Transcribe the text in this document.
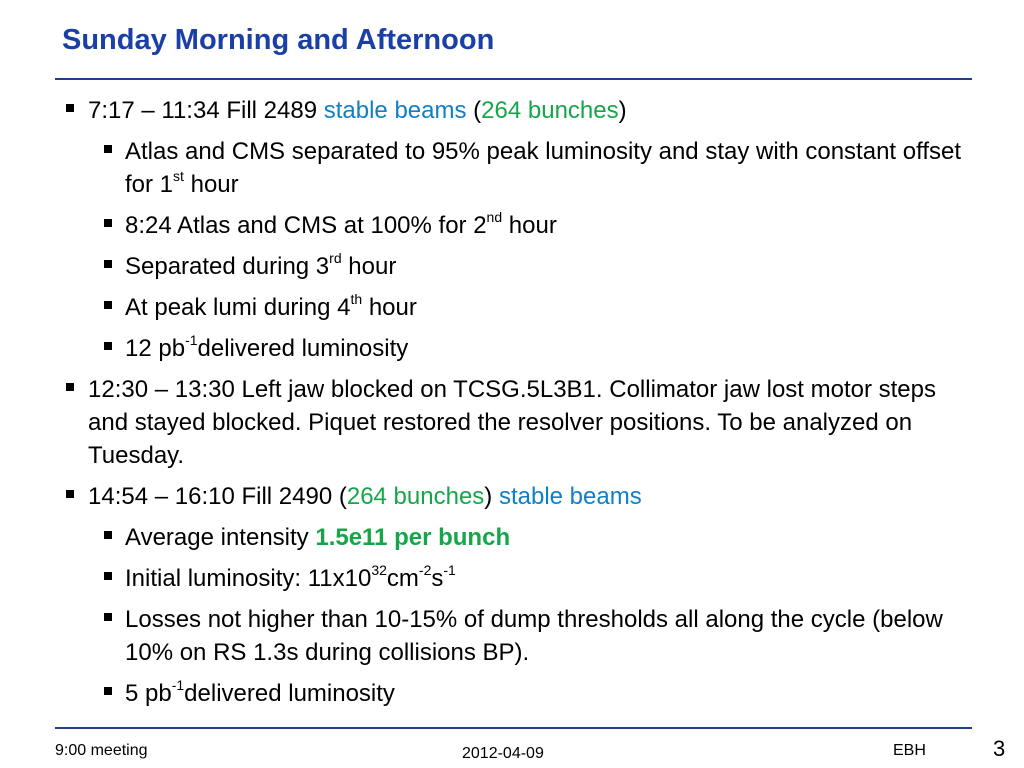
Sunday Morning and Afternoon
7:17 – 11:34 Fill 2489 stable beams (264 bunches)
Atlas and CMS separated to 95% peak luminosity and stay with constant offset for 1st hour
8:24 Atlas and CMS at 100% for 2nd hour
Separated during 3rd hour
At peak lumi during 4th hour
12 $pb^{-1}delivered$ luminosity
12:30 – 13:30 Left jaw blocked on TCSG.5L3B1. Collimator jaw lost motor steps and stayed blocked. Piquet restored the resolver positions. To be analyzed on Tuesday.
14:54 – 16:10 Fill 2490 (264 bunches) stable beams
Average intensity 1.5e11 per bunch
Initial luminosity: $11x10^{32}cm^{-2}s^{-1}$
Losses not higher than 10-15% of dump thresholds all along the cycle (below 10% on RS 1.3s during collisions BP).
5 $pb^{-1}delivered$ luminosity
9:00 meeting	2012-04-09	EBH	3
